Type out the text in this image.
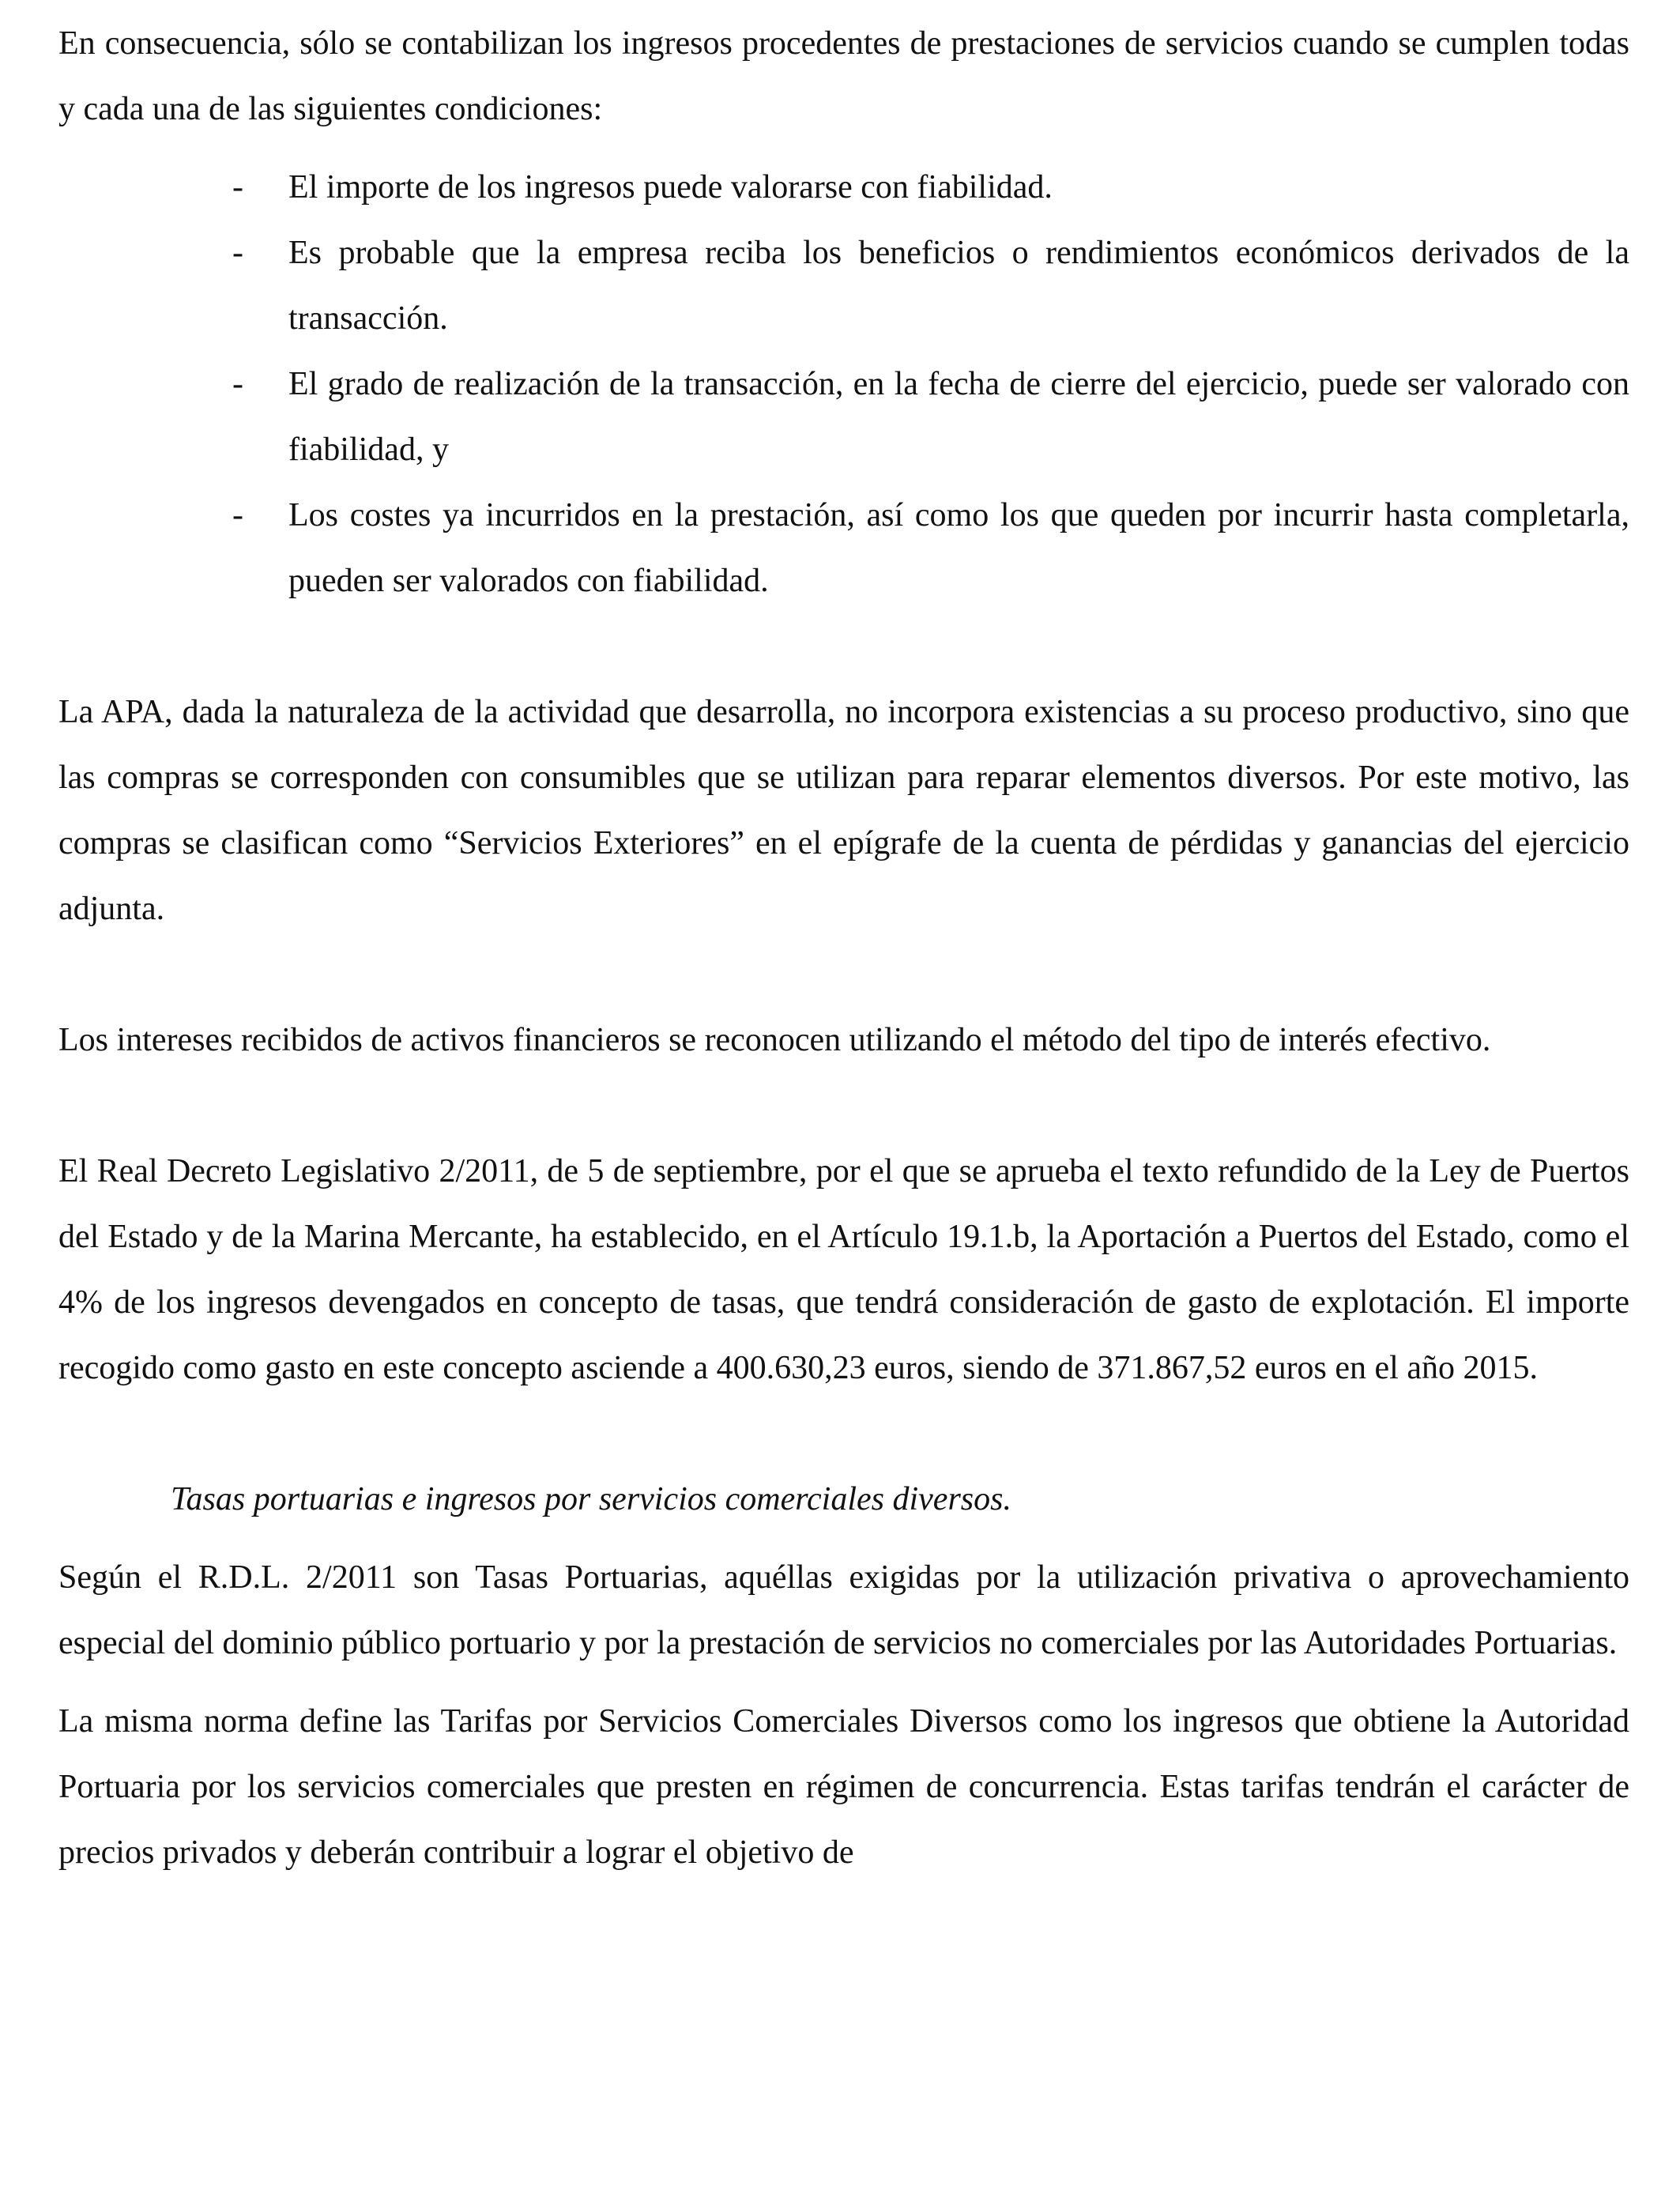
En consecuencia, sólo se contabilizan los ingresos procedentes de prestaciones de servicios cuando se cumplen todas y cada una de las siguientes condiciones:

- El importe de los ingresos puede valorarse con fiabilidad.
- Es probable que la empresa reciba los beneficios o rendimientos económicos derivados de la transacción.
- El grado de realización de la transacción, en la fecha de cierre del ejercicio, puede ser valorado con fiabilidad, y
- Los costes ya incurridos en la prestación, así como los que queden por incurrir hasta completarla, pueden ser valorados con fiabilidad.

La APA, dada la naturaleza de la actividad que desarrolla, no incorpora existencias a su proceso productivo, sino que las compras se corresponden con consumibles que se utilizan para reparar elementos diversos. Por este motivo, las compras se clasifican como “Servicios Exteriores” en el epígrafe de la cuenta de pérdidas y ganancias del ejercicio adjunta.

Los intereses recibidos de activos financieros se reconocen utilizando el método del tipo de interés efectivo.

El Real Decreto Legislativo 2/2011, de 5 de septiembre, por el que se aprueba el texto refundido de la Ley de Puertos del Estado y de la Marina Mercante, ha establecido, en el Artículo 19.1.b, la Aportación a Puertos del Estado, como el 4% de los ingresos devengados en concepto de tasas, que tendrá consideración de gasto de explotación. El importe recogido como gasto en este concepto asciende a 400.630,23 euros, siendo de 371.867,52 euros en el año 2015.

Tasas portuarias e ingresos por servicios comerciales diversos.

Según el R.D.L. 2/2011 son Tasas Portuarias, aquéllas exigidas por la utilización privativa o aprovechamiento especial del dominio público portuario y por la prestación de servicios no comerciales por las Autoridades Portuarias.

La misma norma define las Tarifas por Servicios Comerciales Diversos como los ingresos que obtiene la Autoridad Portuaria por los servicios comerciales que presten en régimen de concurrencia. Estas tarifas tendrán el carácter de precios privados y deberán contribuir a lograr el objetivo de
